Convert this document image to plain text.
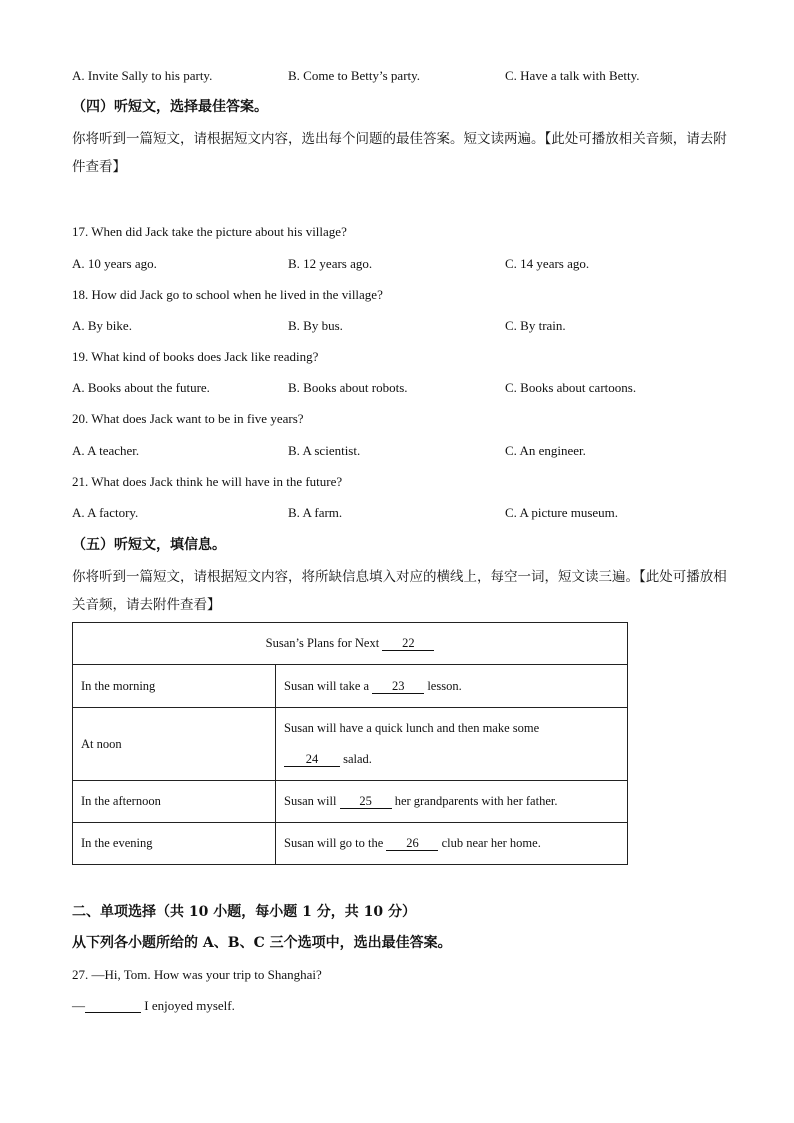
A. Invite Sally to his party.	B. Come to Betty’s party.	C. Have a talk with Betty.
（四）听短文，选择最佳答案。
你将听到一篇短文，请根据短文内容，选出每个问题的最佳答案。短文读两遍。【此处可播放相关音频，请去附件查看】
17. When did Jack take the picture about his village?
A. 10 years ago.	B. 12 years ago.	C. 14 years ago.
18. How did Jack go to school when he lived in the village?
A. By bike.	B. By bus.	C. By train.
19. What kind of books does Jack like reading?
A. Books about the future.	B. Books about robots.	C. Books about cartoons.
20. What does Jack want to be in five years?
A. A teacher.	B. A scientist.	C. An engineer.
21. What does Jack think he will have in the future?
A. A factory.	B. A farm.	C. A picture museum.
（五）听短文，填信息。
你将听到一篇短文，请根据短文内容，将所缺信息填入对应的横线上，每空一词，短文读三遍。【此处可播放相关音频，请去附件查看】
Susan’s Plans for Next 22	
In the morning	Susan will take a 23 lesson.
At noon	Susan will have a quick lunch and then make some
24 salad.
In the afternoon	Susan will 25 her grandparents with her father.
In the evening	Susan will go to the 26 club near her home.
二、单项选择（共 10 小题，每小题 1 分，共 10 分）
从下列各小题所给的 A、B、C 三个选项中，选出最佳答案。
27. —Hi, Tom. How was your trip to Shanghai?
—	I enjoyed myself.
